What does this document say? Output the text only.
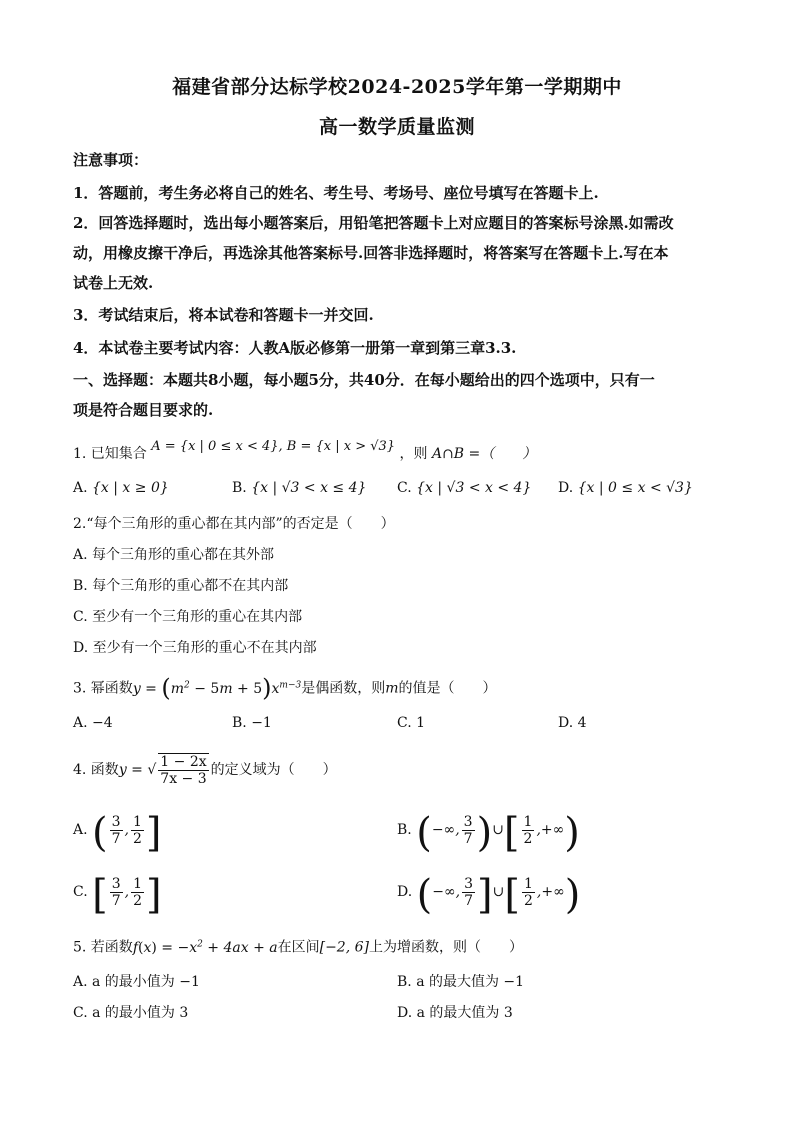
福建省部分达标学校2024-2025学年第一学期期中
高一数学质量监测
注意事项：
1．答题前，考生务必将自己的姓名、考生号、考场号、座位号填写在答题卡上.
2．回答选择题时，选出每小题答案后，用铅笔把答题卡上对应题目的答案标号涂黑.如需改
动，用橡皮擦干净后，再选涂其他答案标号.回答非选择题时，将答案写在答题卡上.写在本
试卷上无效.
3．考试结束后，将本试卷和答题卡一并交回.
4．本试卷主要考试内容：人教A版必修第一册第一章到第三章3.3.
一、选择题：本题共8小题，每小题5分，共40分．在每小题给出的四个选项中，只有一
项是符合题目要求的.
1. 已知集合 A = {x | 0 ≤ x < 4}, B = {x | x > √3} ，则 A∩B =（　　）
A. {x | x ≥ 0}	B. {x | √3 < x ≤ 4} C. {x | √3 < x < 4} D. {x | 0 ≤ x < √3}
2.“每个三角形的重心都在其内部”的否定是（　　）
A. 每个三角形的重心都在其外部
B. 每个三角形的重心都不在其内部
C. 至少有一个三角形的重心在其内部
D. 至少有一个三角形的重心不在其内部
3. 幂函数$y = (m^2 - 5m + 5)x^{m-3}$是偶函数，则m的值是（　　）
A. −4	B. −1	C. 1	D. 4
4. 函数y = √ $\frac{1 - 2x}{7x - 3}$ 的定义域为（　　）
A. ( $\frac{3}{7}$ , $\frac{1}{2}$ ]	B. (−∞, $\frac{3}{7}$ )∪[ $\frac{1}{2}$ ,+∞)
C. [ $\frac{3}{7}$ , $\frac{1}{2}$ ]	D. (−∞, $\frac{3}{7}$ ]∪[ $\frac{1}{2}$ ,+∞)
5. 若函数$f(x) = -x^2 + 4ax + a$在区间[−2, 6]上为增函数，则（　　）
A. a 的最小值为 −1	B. a 的最大值为 −1
C. a 的最小值为 3	D. a 的最大值为 3
